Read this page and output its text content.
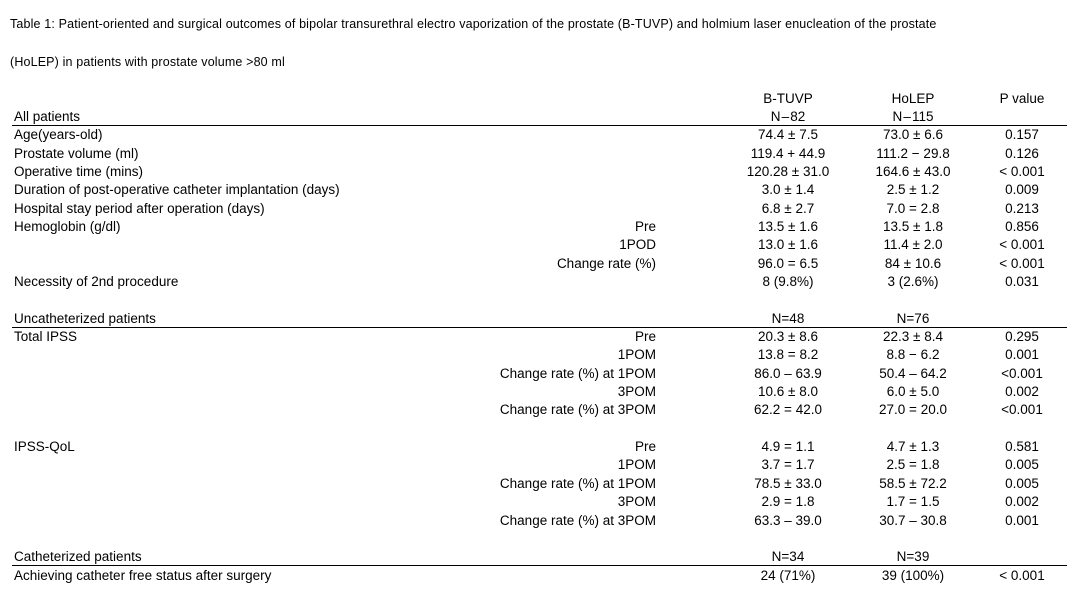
Table 1: Patient-oriented and surgical outcomes of bipolar transurethral electro vaporization of the prostate (B-TUVP) and holmium laser enucleation of the prostate
(HoLEP) in patients with prostate volume >80 ml
B-TUVP	HoLEP	P value
All patients	N – 82	N – 115
Age(years-old)	74.4 ± 7.5	73.0 ± 6.6	0.157
Prostate volume (ml)	119.4 + 44.9	111.2 − 29.8	0.126
Operative time (mins)	120.28 ± 31.0	164.6 ± 43.0	< 0.001
Duration of post-operative catheter implantation (days)	3.0 ± 1.4	2.5 ± 1.2	0.009
Hospital stay period after operation (days)	6.8 ± 2.7	7.0 = 2.8	0.213
Hemoglobin (g/dl)	Pre	13.5 ± 1.6	13.5 ± 1.8	0.856
1POD	13.0 ± 1.6	11.4 ± 2.0	< 0.001
Change rate (%)	96.0 = 6.5	84 ± 10.6	< 0.001
Necessity of 2nd procedure	8 (9.8%)	3 (2.6%)	0.031
Uncatheterized patients	N=48	N=76
Total IPSS	Pre	20.3 ± 8.6	22.3 ± 8.4	0.295
1POM	13.8 = 8.2	8.8 − 6.2	0.001
Change rate (%) at 1POM	86.0 – 63.9	50.4 – 64.2	<0.001
3POM	10.6 ± 8.0	6.0 ± 5.0	0.002
Change rate (%) at 3POM	62.2 = 42.0	27.0 = 20.0	<0.001
IPSS-QoL	Pre	4.9 = 1.1	4.7 ± 1.3	0.581
1POM	3.7 = 1.7	2.5 = 1.8	0.005
Change rate (%) at 1POM	78.5 ± 33.0	58.5 ± 72.2	0.005
3POM	2.9 = 1.8	1.7 = 1.5	0.002
Change rate (%) at 3POM	63.3 – 39.0	30.7 – 30.8	0.001
Catheterized patients	N=34	N=39
Achieving catheter free status after surgery	24 (71%)	39 (100%)	< 0.001
